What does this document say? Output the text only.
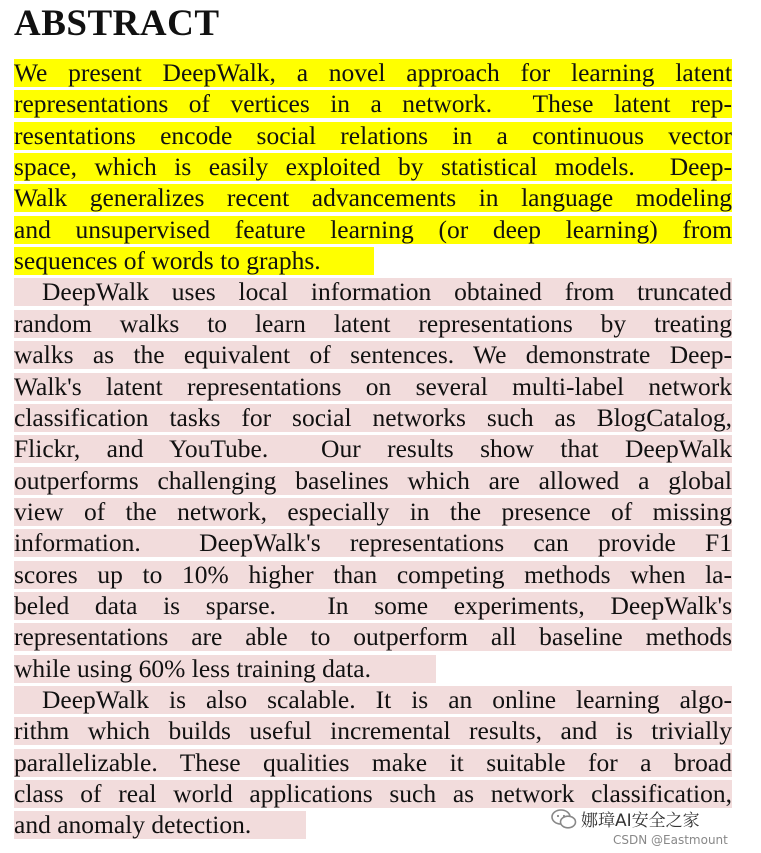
ABSTRACT
We present DeepWalk, a novel approach for learning latent
representations of vertices in a network.  These latent rep-
resentations encode social relations in a continuous vector
space, which is easily exploited by statistical models.  Deep-
Walk generalizes recent advancements in language modeling
and unsupervised feature learning (or deep learning) from
sequences of words to graphs.
DeepWalk uses local information obtained from truncated
random walks to learn latent representations by treating
walks as the equivalent of sentences. We demonstrate Deep-
Walk's latent representations on several multi-label network
classification tasks for social networks such as BlogCatalog,
Flickr, and YouTube.  Our results show that DeepWalk
outperforms challenging baselines which are allowed a global
view of the network, especially in the presence of missing
information.  DeepWalk's representations can provide F1
scores up to 10% higher than competing methods when la-
beled data is sparse.  In some experiments, DeepWalk's
representations are able to outperform all baseline methods
while using 60% less training data.
DeepWalk is also scalable. It is an online learning algo-
rithm which builds useful incremental results, and is trivially
parallelizable. These qualities make it suitable for a broad
class of real world applications such as network classification,
and anomaly detection.	娜璋AI安全之家
CSDN @Eastmount
